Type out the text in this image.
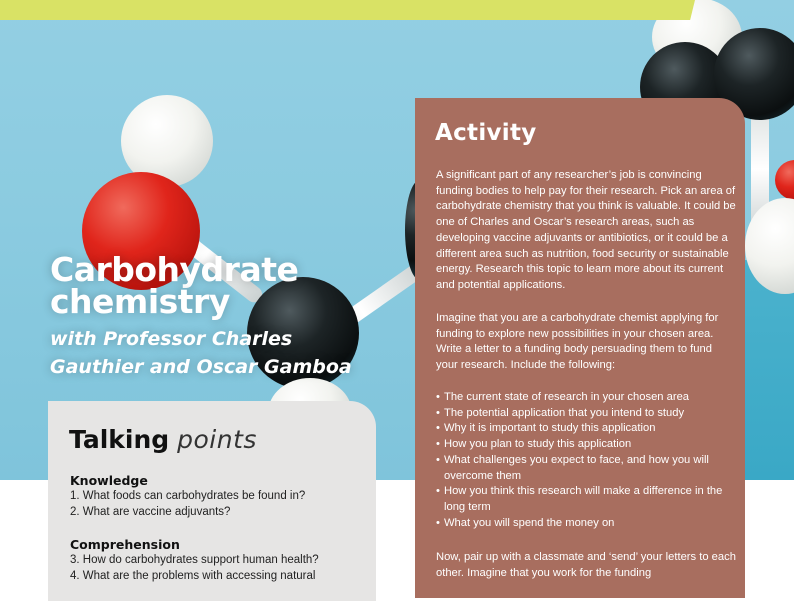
Carbohydrate
chemistry
with Professor Charles
Gauthier and Oscar Gamboa
Talking points
Knowledge

1. What foods can carbohydrates be found in?

2. What are vaccine adjuvants?

Comprehension

3. How do carbohydrates support human health?

4. What are the problems with accessing natural

Activity

A significant part of any researcher’s job is convincing funding bodies to help pay for their research. Pick an area of carbohydrate chemistry that you think is valuable. It could be one of Charles and Oscar’s research areas, such as developing vaccine adjuvants or antibiotics, or it could be a different area such as nutrition, food security or sustainable energy. Research this topic to learn more about its current and potential applications.

Imagine that you are a carbohydrate chemist applying for funding to explore new possibilities in your chosen area. Write a letter to a funding body persuading them to fund your research. Include the following:

• The current state of research in your chosen area
• The potential application that you intend to study
• Why it is important to study this application
• How you plan to study this application
• What challenges you expect to face, and how you will overcome them
• How you think this research will make a difference in the long term
• What you will spend the money on

Now, pair up with a classmate and ‘send’ your letters to each other. Imagine that you work for the funding
